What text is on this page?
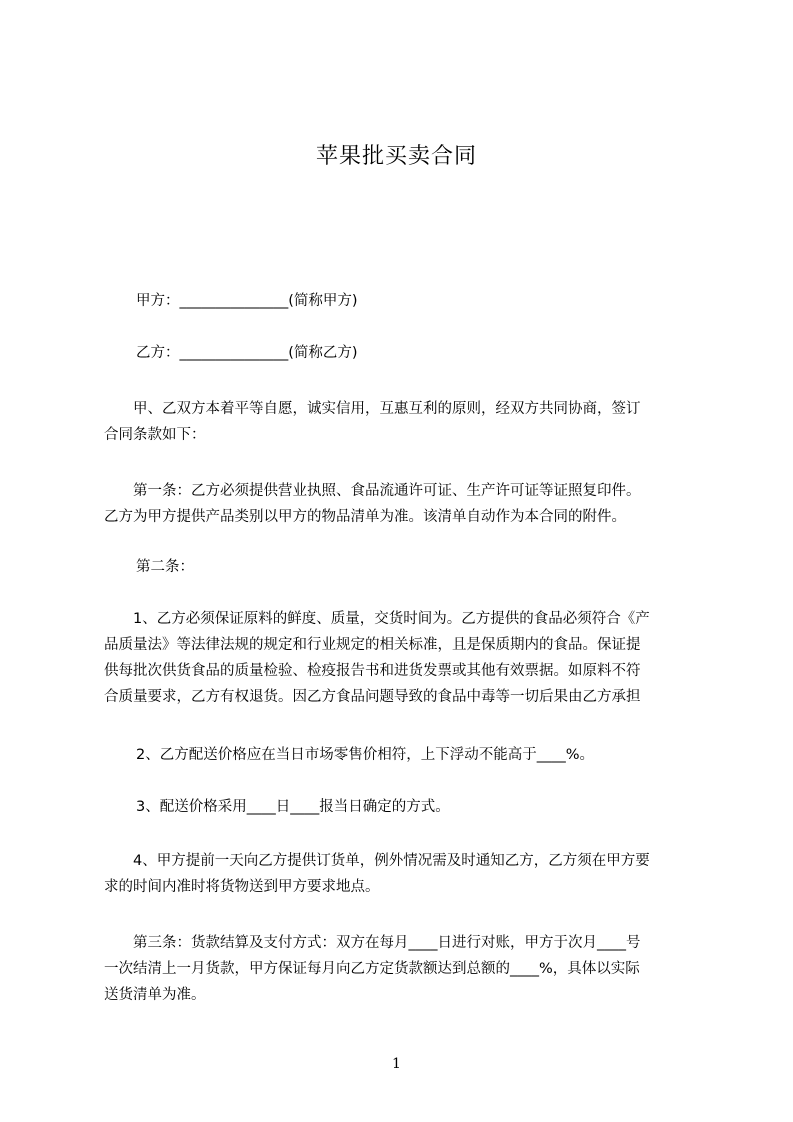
苹果批买卖合同
甲方：_______________(简称甲方)
乙方：_______________(简称乙方)
　　甲、乙双方本着平等自愿，诚实信用，互惠互利的原则，经双方共同协商，签订
合同条款如下：
　　第一条：乙方必须提供营业执照、食品流通许可证、生产许可证等证照复印件。
乙方为甲方提供产品类别以甲方的物品清单为准。该清单自动作为本合同的附件。
第二条：
　　1、乙方必须保证原料的鲜度、质量，交货时间为。乙方提供的食品必须符合《产
品质量法》等法律法规的规定和行业规定的相关标准，且是保质期内的食品。保证提
供每批次供货食品的质量检验、检疫报告书和进货发票或其他有效票据。如原料不符
合质量要求，乙方有权退货。因乙方食品问题导致的食品中毒等一切后果由乙方承担
2、乙方配送价格应在当日市场零售价相符，上下浮动不能高于____%。
3、配送价格采用____日____报当日确定的方式。
　　4、甲方提前一天向乙方提供订货单，例外情况需及时通知乙方，乙方须在甲方要
求的时间内准时将货物送到甲方要求地点。
　　第三条：货款结算及支付方式：双方在每月____日进行对账，甲方于次月____号
一次结清上一月货款，甲方保证每月向乙方定货款额达到总额的____%，具体以实际
送货清单为准。
1
